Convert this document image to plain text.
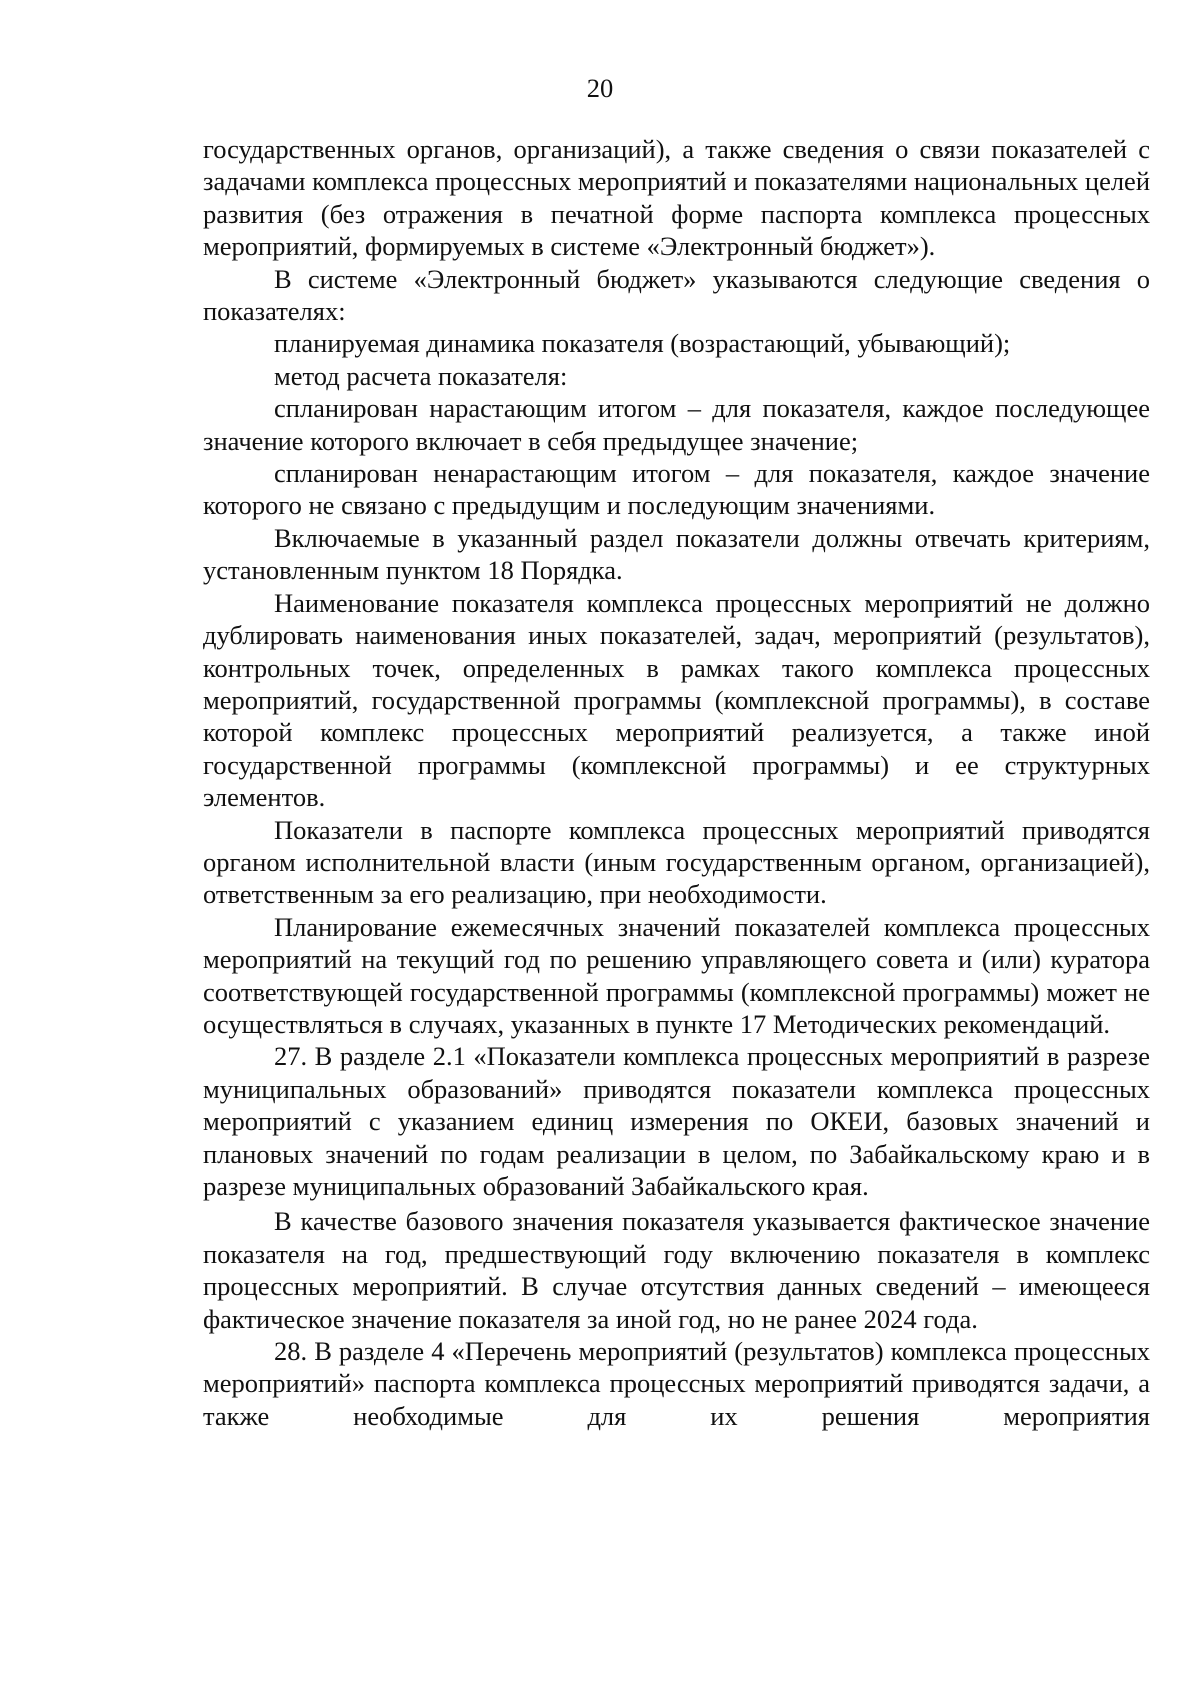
20

государственных органов, организаций), а также сведения о связи показателей с задачами комплекса процессных мероприятий и показателями национальных целей развития (без отражения в печатной форме паспорта комплекса процессных мероприятий, формируемых в системе «Электронный бюджет»).

В системе «Электронный бюджет» указываются следующие сведения о показателях:

планируемая динамика показателя (возрастающий, убывающий);

метод расчета показателя:

спланирован нарастающим итогом – для показателя, каждое последующее значение которого включает в себя предыдущее значение;

спланирован ненарастающим итогом – для показателя, каждое значение которого не связано с предыдущим и последующим значениями.

Включаемые в указанный раздел показатели должны отвечать критериям, установленным пунктом 18 Порядка.

Наименование показателя комплекса процессных мероприятий не должно дублировать наименования иных показателей, задач, мероприятий (результатов), контрольных точек, определенных в рамках такого комплекса процессных мероприятий, государственной программы (комплексной программы), в составе которой комплекс процессных мероприятий реализуется, а также иной государственной программы (комплексной программы) и ее структурных элементов.

Показатели в паспорте комплекса процессных мероприятий приводятся органом исполнительной власти (иным государственным органом, организацией), ответственным за его реализацию, при необходимости.

Планирование ежемесячных значений показателей комплекса процессных мероприятий на текущий год по решению управляющего совета и (или) куратора соответствующей государственной программы (комплексной программы) может не осуществляться в случаях, указанных в пункте 17 Методических рекомендаций.

27. В разделе 2.1 «Показатели комплекса процессных мероприятий в разрезе муниципальных образований» приводятся показатели комплекса процессных мероприятий с указанием единиц измерения по ОКЕИ, базовых значений и плановых значений по годам реализации в целом, по Забайкальскому краю и в разрезе муниципальных образований Забайкальского края.

В качестве базового значения показателя указывается фактическое значение показателя на год, предшествующий году включению показателя в комплекс процессных мероприятий. В случае отсутствия данных сведений – имеющееся фактическое значение показателя за иной год, но не ранее 2024 года.

28. В разделе 4 «Перечень мероприятий (результатов) комплекса процессных мероприятий» паспорта комплекса процессных мероприятий приводятся задачи, а также необходимые для их решения мероприятия
